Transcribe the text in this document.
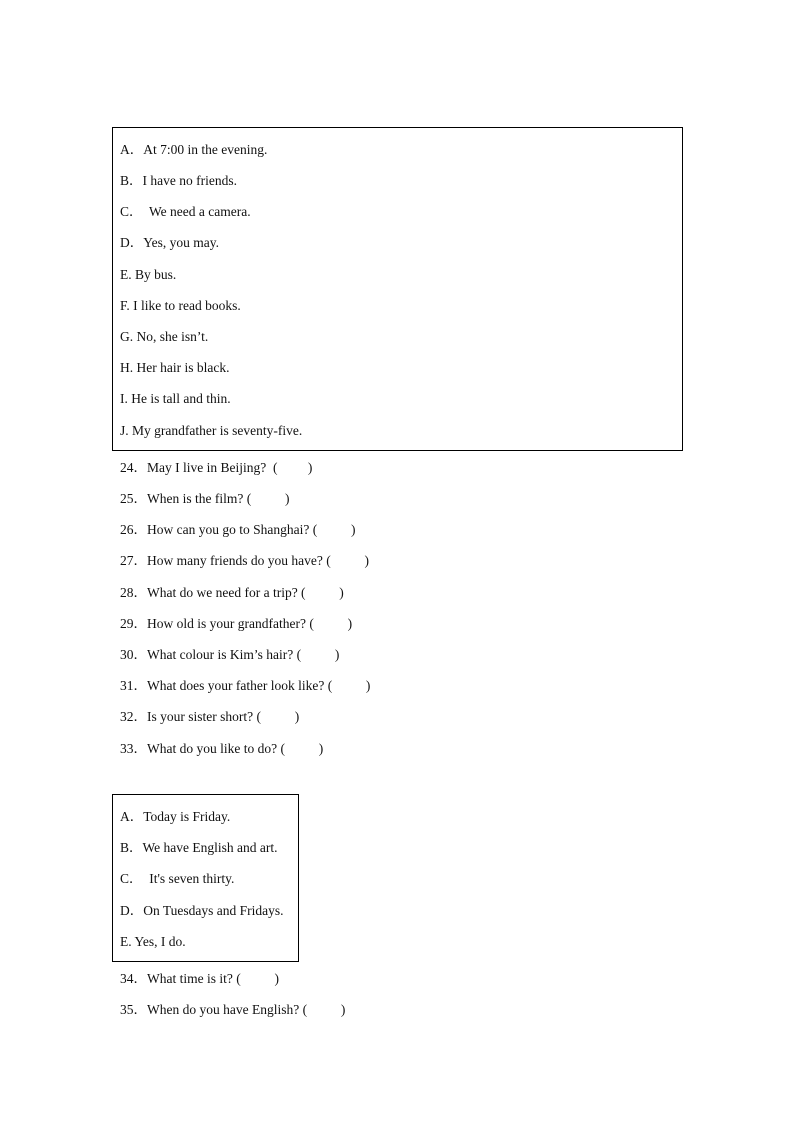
A．At 7:00 in the evening.
B．I have no friends.
C．  We need a camera.
D．Yes, you may.
E. By bus.
F. I like to read books.
G. No, she isn’t.
H. Her hair is black.
I. He is tall and thin.
J. My grandfather is seventy-five.
24．May I live in Beijing?  (         )
25．When is the film? (          )
26．How can you go to Shanghai? (          )
27．How many friends do you have? (          )
28．What do we need for a trip? (          )
29．How old is your grandfather? (          )
30．What colour is Kim’s hair? (          )
31．What does your father look like? (          )
32．Is your sister short? (          )
33．What do you like to do? (          )
A．Today is Friday.
B．We have English and art.
C．  It's seven thirty.
D．On Tuesdays and Fridays.
E. Yes, I do.
34．What time is it? (          )
35．When do you have English? (          )
